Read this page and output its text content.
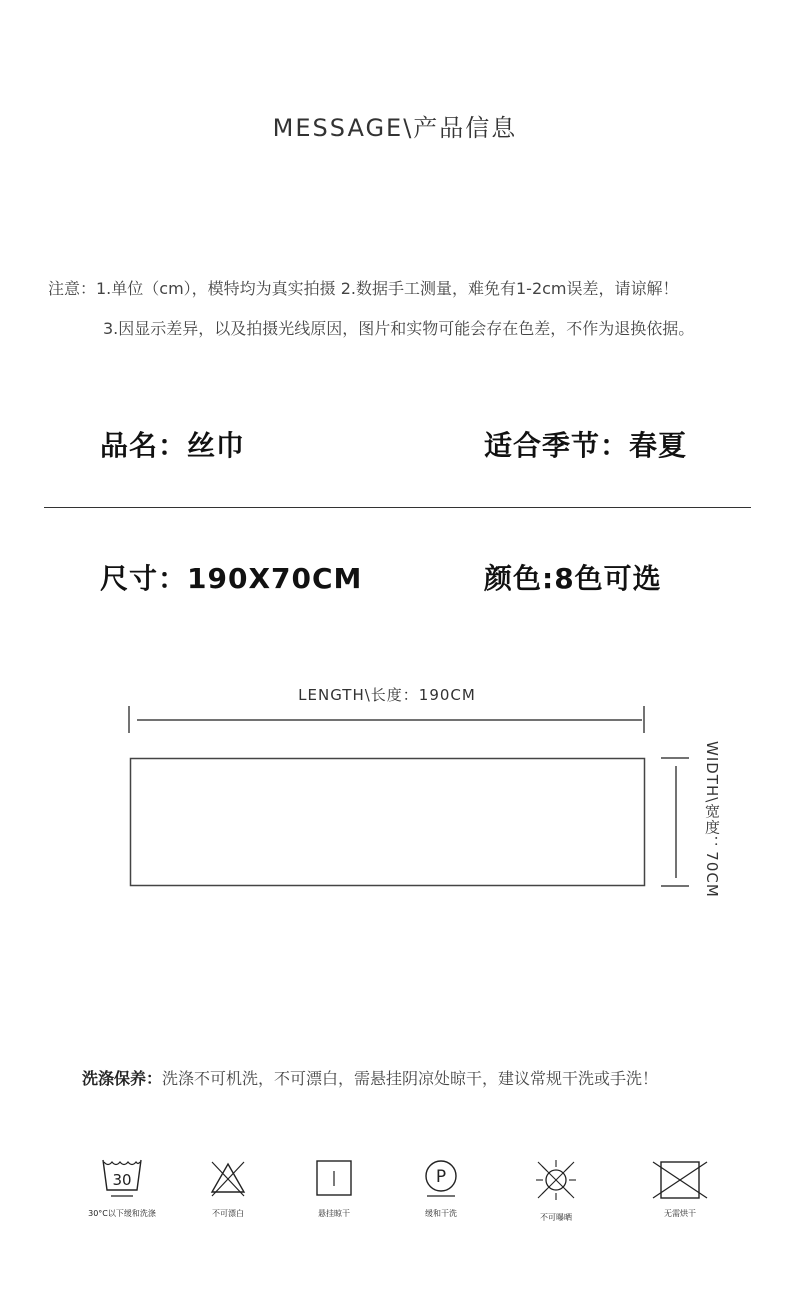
MESSAGE\产品信息
注意：1.单位（cm），模特均为真实拍摄 2.数据手工测量，难免有1-2cm误差，请谅解！
3.因显示差异，以及拍摄光线原因，图片和实物可能会存在色差，不作为退换依据。
品名：丝巾	适合季节：春夏
尺寸：190X70CM	颜色:8色可选
LENGTH\长度：190CM
WIDTH\宽度：70CM
洗涤保养：洗涤不可机洗，不可漂白，需悬挂阴凉处晾干，建议常规干洗或手洗！
30
30°C以下缓和洗涤	不可漂白	悬挂晾干
P
缓和干洗	不可曝晒	无需烘干
